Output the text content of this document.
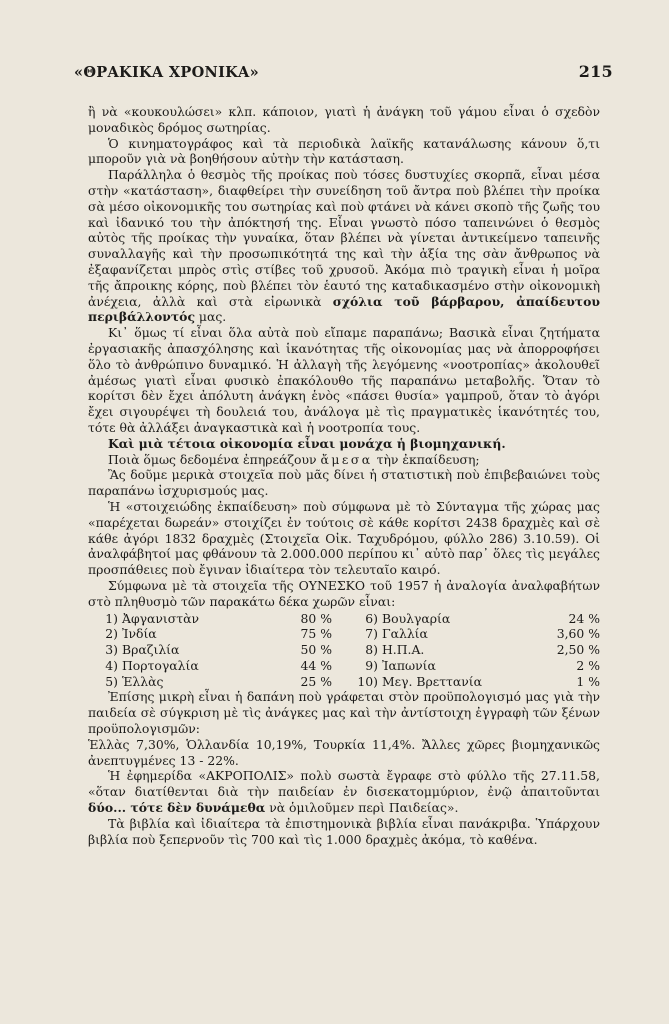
«ΘΡΑΚΙΚΑ ΧΡΟΝΙΚΑ»	215

ἢ νὰ «κουκουλώσει» κλπ. κάποιον, γιατὶ ἡ ἀνάγκη τοῦ γάμου εἶναι ὁ σχεδὸν μοναδικὸς δρόμος σωτηρίας.

Ὁ κινηματογράφος καὶ τὰ περιοδικὰ λαϊκῆς κατανάλωσης κάνουν ὅ,τι μποροῦν γιὰ νὰ βοηθήσουν αὐτὴν τὴν κατάσταση.

Παράλληλα ὁ θεσμὸς τῆς προίκας ποὺ τόσες δυστυχίες σκορπᾶ, εἶναι μέσα στὴν «κατάσταση», διαφθείρει τὴν συνείδηση τοῦ ἄντρα ποὺ βλέπει τὴν προίκα σὰ μέσο οἰκονομικῆς του σωτηρίας καὶ ποὺ φτάνει νὰ κάνει σκοπὸ τῆς ζωῆς του καὶ ἰδανικό του τὴν ἀπόκτησή της. Εἶναι γνωστὸ πόσο ταπεινώνει ὁ θεσμὸς αὐτὸς τῆς προίκας τὴν γυναίκα, ὅταν βλέπει νὰ γίνεται ἀντικείμενο ταπεινῆς συναλλαγῆς καὶ τὴν προσωπικότητά της καὶ τὴν ἀξία της σὰν ἄνθρωπος νὰ ἐξαφανίζεται μπρὸς στὶς στίβες τοῦ χρυσοῦ. Ἀκόμα πιὸ τραγικὴ εἶναι ἡ μοῖρα τῆς ἄπροικης κόρης, ποὺ βλέπει τὸν ἑαυτό της καταδικασμένο στὴν οἰκονομικὴ ἀνέχεια, ἀλλὰ καὶ στὰ εἰρωνικὰ σχόλια τοῦ βάρβαρου, ἀπαίδευτου περιβάλλοντός μας.

Κι᾽ ὅμως τί εἶναι ὅλα αὐτὰ ποὺ εἴπαμε παραπάνω; Βασικὰ εἶναι ζητήματα ἐργασιακῆς ἀπασχόλησης καὶ ἱκανότητας τῆς οἰκονομίας μας νὰ ἀπορροφήσει ὅλο τὸ ἀνθρώπινο δυναμικό. Ἡ ἀλλαγὴ τῆς λεγόμενης «νοοτροπίας» ἀκολουθεῖ ἀμέσως γιατὶ εἶναι φυσικὸ ἐπακόλουθο τῆς παραπάνω μεταβολῆς. Ὅταν τὸ κορίτσι δὲν ἔχει ἀπόλυτη ἀνάγκη ἑνὸς «πάσει θυσία» γαμπροῦ, ὅταν τὸ ἀγόρι ἔχει σιγουρέψει τὴ δουλειά του, ἀνάλογα μὲ τὶς πραγματικὲς ἱκανότητές του, τότε θὰ ἀλλάξει ἀναγκαστικὰ καὶ ἡ νοοτροπία τους.

Καὶ μιὰ τέτοια οἰκονομία εἶναι μονάχα ἡ βιομηχανική.

Ποιὰ ὅμως δεδομένα ἐπηρεάζουν ἄμεσα τὴν ἐκπαίδευση;

Ἂς δοῦμε μερικὰ στοιχεῖα ποὺ μᾶς δίνει ἡ στατιστικὴ ποὺ ἐπιβεβαιώνει τοὺς παραπάνω ἰσχυρισμούς μας.

Ἡ «στοιχειώδης ἐκπαίδευση» ποὺ σύμφωνα μὲ τὸ Σύνταγμα τῆς χώρας μας «παρέχεται δωρεάν» στοιχίζει ἐν τούτοις σὲ κάθε κορίτσι 2438 δραχμὲς καὶ σὲ κάθε ἀγόρι 1832 δραχμὲς (Στοιχεῖα Οἰκ. Ταχυδρόμου, φύλλο 286) 3.10.59). Οἱ ἀναλφάβητοί μας φθάνουν τὰ 2.000.000 περίπου κι᾽ αὐτὸ παρ᾽ ὅλες τὶς μεγάλες προσπάθειες ποὺ ἔγιναν ἰδιαίτερα τὸν τελευταῖο καιρό.

Σύμφωνα μὲ τὰ στοιχεῖα τῆς ΟΥΝΕΣΚΟ τοῦ 1957 ἡ ἀναλογία ἀναλφαβήτων στὸ πληθυσμὸ τῶν παρακάτω δέκα χωρῶν εἶναι:

1)	Ἀφγανιστὰν	80 %	6)	Βουλγαρία	24 %
2)	Ἰνδία	75 %	7)	Γαλλία	3,60 %
3)	Βραζιλία	50 %	8)	Η.Π.Α.	2,50 %
4)	Πορτογαλία	44 %	9)	Ἰαπωνία	2 %
5)	Ἑλλὰς	25 %	10)	Μεγ. Βρεττανία	1 %

Ἐπίσης μικρὴ εἶναι ἡ δαπάνη ποὺ γράφεται στὸν προϋπολογισμό μας γιὰ τὴν παιδεία σὲ σύγκριση μὲ τὶς ἀνάγκες μας καὶ τὴν ἀντίστοιχη ἐγγραφὴ τῶν ξένων προϋπολογισμῶν:

Ἑλλὰς 7,30%, Ὁλλανδία 10,19%, Τουρκία 11,4%. Ἄλλες χῶρες βιομηχανικῶς ἀνεπτυγμένες 13 - 22%.

Ἡ ἐφημερίδα «ΑΚΡΟΠΟΛΙΣ» πολὺ σωστὰ ἔγραφε στὸ φύλλο τῆς 27.11.58, «ὅταν διατίθενται διὰ τὴν παιδείαν ἐν δισεκατομμύριον, ἐνῷ ἀπαιτοῦνται δύο... τότε δὲν δυνάμεθα νὰ ὁμιλοῦμεν περὶ Παιδείας».

Τὰ βιβλία καὶ ἰδιαίτερα τὰ ἐπιστημονικὰ βιβλία εἶναι πανάκριβα. Ὑπάρχουν βιβλία ποὺ ξεπερνοῦν τὶς 700 καὶ τὶς 1.000 δραχμὲς ἀκόμα, τὸ καθένα.
